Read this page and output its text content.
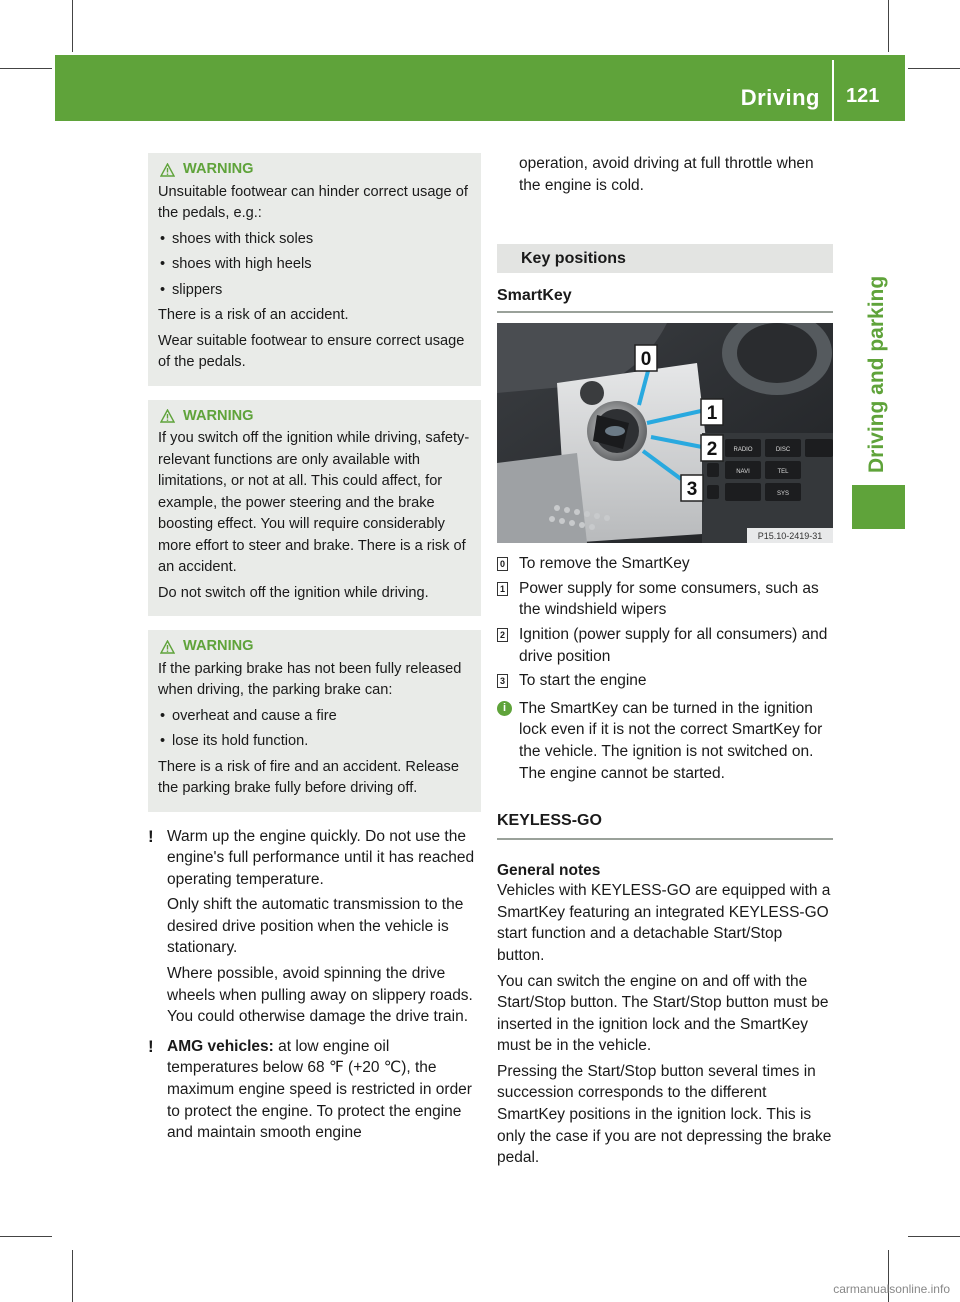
Driving 121
Driving and parking
WARNING

Unsuitable footwear can hinder correct usage of the pedals, e.g.:

• shoes with thick soles
• shoes with high heels
• slippers

There is a risk of an accident.

Wear suitable footwear to ensure correct usage of the pedals.

WARNING

If you switch off the ignition while driving, safety-relevant functions are only available with limitations, or not at all. This could affect, for example, the power steering and the brake boosting effect. You will require considerably more effort to steer and brake. There is a risk of an accident.

Do not switch off the ignition while driving.

WARNING

If the parking brake has not been fully released when driving, the parking brake can:

• overheat and cause a fire
• lose its hold function.

There is a risk of fire and an accident. Release the parking brake fully before driving off.

! Warm up the engine quickly. Do not use the engine's full performance until it has reached operating temperature.

Only shift the automatic transmission to the desired drive position when the vehicle is stationary.

Where possible, avoid spinning the drive wheels when pulling away on slippery roads. You could otherwise damage the drive train.

! AMG vehicles: at low engine oil temperatures below 68 ℉ (+20 ℃), the maximum engine speed is restricted in order to protect the engine. To protect the engine and maintain smooth engine

operation, avoid driving at full throttle when the engine is cold.

Key positions
SmartKey
RADIO	DISC
NAVI	TEL
SYS
0
1
2
3
P15.10-2419-31
0 To remove the SmartKey
1 Power supply for some consumers, such as the windshield wipers
2 Ignition (power supply for all consumers) and drive position
3 To start the engine
i The SmartKey can be turned in the ignition lock even if it is not the correct SmartKey for the vehicle. The ignition is not switched on. The engine cannot be started.
KEYLESS-GO
General notes

Vehicles with KEYLESS-GO are equipped with a SmartKey featuring an integrated KEYLESS-GO start function and a detachable Start/Stop button.

You can switch the engine on and off with the Start/Stop button. The Start/Stop button must be inserted in the ignition lock and the SmartKey must be in the vehicle.

Pressing the Start/Stop button several times in succession corresponds to the different SmartKey positions in the ignition lock. This is only the case if you are not depressing the brake pedal.

carmanualsonline.info
